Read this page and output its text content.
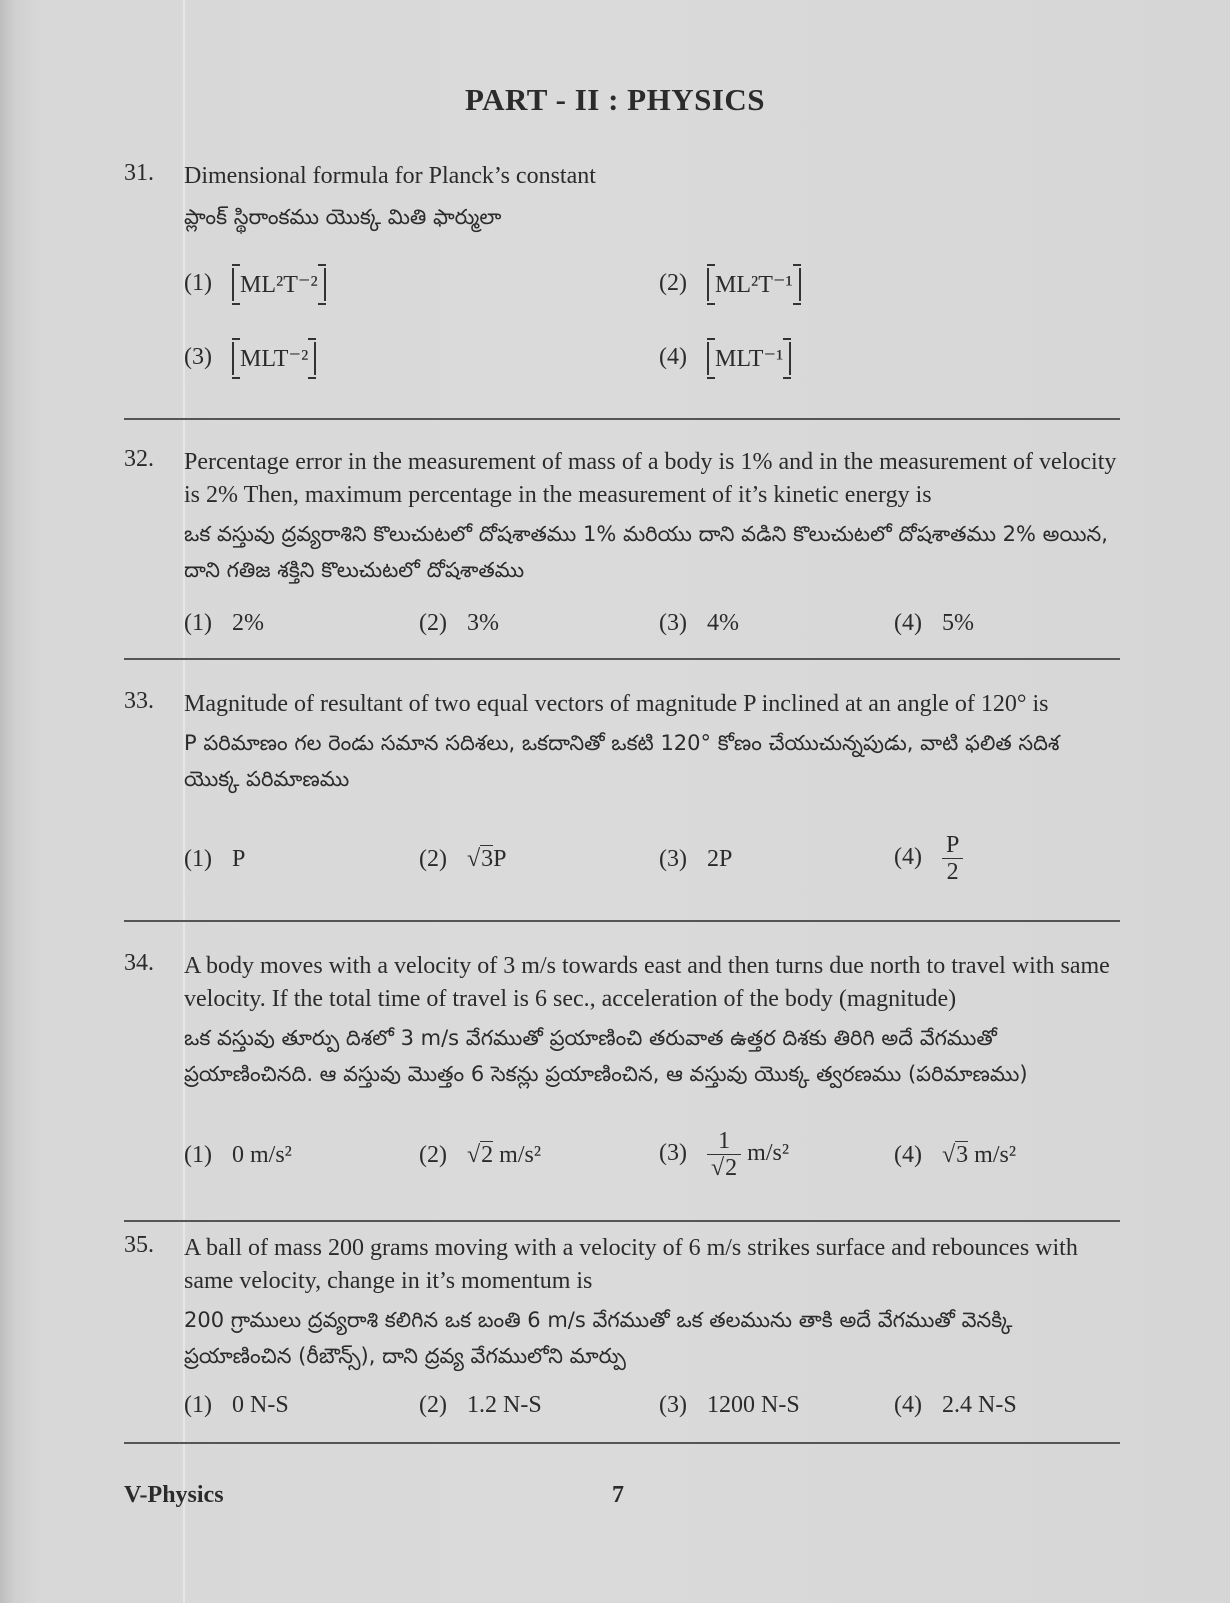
PART - II : PHYSICS
31. Dimensional formula for Planck’s constant
ప్లాంక్ స్థిరాంకము యొక్క మితి ఫార్ములా
(1) ML²T⁻²	(2) ML²T⁻¹
(3) MLT⁻²	(4) MLT⁻¹
32. Percentage error in the measurement of mass of a body is 1% and in the measurement of velocity is 2% Then, maximum percentage in the measurement of it’s kinetic energy is
ఒక వస్తువు ద్రవ్యరాశిని కొలుచుటలో దోషశాతము 1% మరియు దాని వడిని కొలుచుటలో దోషశాతము 2% అయిన, దాని గతిజ శక్తిని కొలుచుటలో దోషశాతము
(1) 2%	(2) 3%	(3) 4%	(4) 5%
33. Magnitude of resultant of two equal vectors of magnitude P inclined at an angle of 120° is
P పరిమాణం గల రెండు సమాన సదిశలు, ఒకదానితో ఒకటి 120° కోణం చేయుచున్నపుడు, వాటి ఫలిత సదిశ యొక్క పరిమాణము
(1) P	(2) √3P	(3) 2P	$(4) \frac{P}{2}$
34. A body moves with a velocity of 3 m/s towards east and then turns due north to travel with same velocity. If the total time of travel is 6 sec., acceleration of the body (magnitude)
ఒక వస్తువు తూర్పు దిశలో 3 m/s వేగముతో ప్రయాణించి తరువాత ఉత్తర దిశకు తిరిగి అదే వేగముతో ప్రయాణించినది. ఆ వస్తువు మొత్తం 6 సెకన్లు ప్రయాణించిన, ఆ వస్తువు యొక్క త్వరణము (పరిమాణము)
(1) 0 m/s²	(2) √2 m/s²	$(3) \frac{1}{√2} m/s^2$	(4) √3 m/s²
35. A ball of mass 200 grams moving with a velocity of 6 m/s strikes surface and rebounces with same velocity, change in it’s momentum is
200 గ్రాములు ద్రవ్యరాశి కలిగిన ఒక బంతి 6 m/s వేగముతో ఒక తలమును తాకి అదే వేగముతో వెనక్కి ప్రయాణించిన (రీబౌన్స్), దాని ద్రవ్య వేగములోని మార్పు
(1) 0 N-S	(2) 1.2 N-S	(3) 1200 N-S	(4) 2.4 N-S
V-Physics	7
